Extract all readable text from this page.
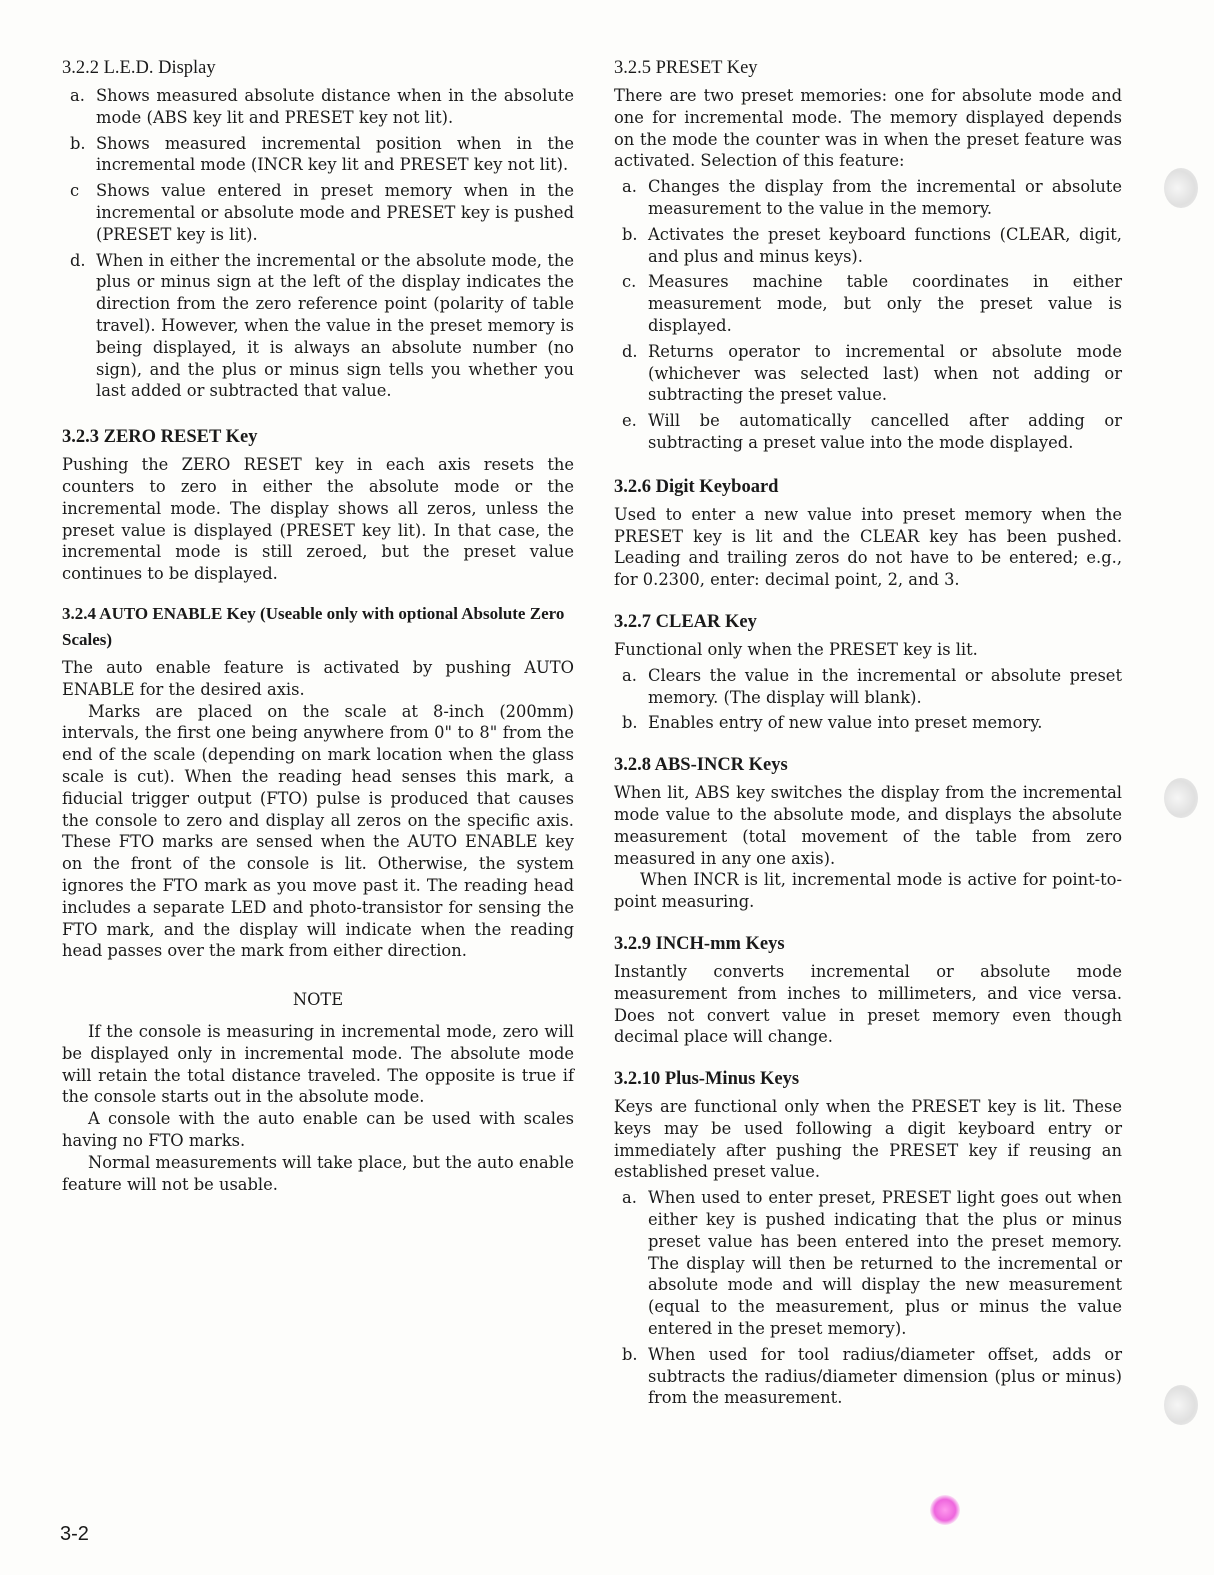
3.2.2 L.E.D. Display
a. Shows measured absolute distance when in the absolute mode (ABS key lit and PRESET key not lit).
b. Shows measured incremental position when in the incremental mode (INCR key lit and PRESET key not lit).
c Shows value entered in preset memory when in the incremental or absolute mode and PRESET key is pushed (PRESET key is lit).
d. When in either the incremental or the absolute mode, the plus or minus sign at the left of the display indicates the direction from the zero reference point (polarity of table travel). However, when the value in the preset memory is being displayed, it is always an absolute number (no sign), and the plus or minus sign tells you whether you last added or subtracted that value.
3.2.3 ZERO RESET Key

Pushing the ZERO RESET key in each axis resets the counters to zero in either the absolute mode or the incremental mode. The display shows all zeros, unless the preset value is displayed (PRESET key lit). In that case, the incremental mode is still zeroed, but the preset value continues to be displayed.

3.2.4 AUTO ENABLE Key (Useable only with optional Absolute Zero Scales)

The auto enable feature is activated by pushing AUTO ENABLE for the desired axis.

Marks are placed on the scale at 8-inch (200mm) intervals, the first one being anywhere from 0" to 8" from the end of the scale (depending on mark location when the glass scale is cut). When the reading head senses this mark, a fiducial trigger output (FTO) pulse is produced that causes the console to zero and display all zeros on the specific axis. These FTO marks are sensed when the AUTO ENABLE key on the front of the console is lit. Otherwise, the system ignores the FTO mark as you move past it. The reading head includes a separate LED and photo-transistor for sensing the FTO mark, and the display will indicate when the reading head passes over the mark from either direction.

NOTE

If the console is measuring in incremental mode, zero will be displayed only in incremental mode. The absolute mode will retain the total distance traveled. The opposite is true if the console starts out in the absolute mode.

A console with the auto enable can be used with scales having no FTO marks.

Normal measurements will take place, but the auto enable feature will not be usable.

3.2.5 PRESET Key

There are two preset memories: one for absolute mode and one for incremental mode. The memory displayed depends on the mode the counter was in when the preset feature was activated. Selection of this feature:

a. Changes the display from the incremental or absolute measurement to the value in the memory.
b. Activates the preset keyboard functions (CLEAR, digit, and plus and minus keys).
c. Measures machine table coordinates in either measurement mode, but only the preset value is displayed.
d. Returns operator to incremental or absolute mode (whichever was selected last) when not adding or subtracting the preset value.
e. Will be automatically cancelled after adding or subtracting a preset value into the mode displayed.
3.2.6 Digit Keyboard

Used to enter a new value into preset memory when the PRESET key is lit and the CLEAR key has been pushed. Leading and trailing zeros do not have to be entered; e.g., for 0.2300, enter: decimal point, 2, and 3.

3.2.7 CLEAR Key

Functional only when the PRESET key is lit.

a. Clears the value in the incremental or absolute preset memory. (The display will blank).
b. Enables entry of new value into preset memory.
3.2.8 ABS-INCR Keys

When lit, ABS key switches the display from the incremental mode value to the absolute mode, and displays the absolute measurement (total movement of the table from zero measured in any one axis).

When INCR is lit, incremental mode is active for point-to-point measuring.

3.2.9 INCH-mm Keys

Instantly converts incremental or absolute mode measurement from inches to millimeters, and vice versa. Does not convert value in preset memory even though decimal place will change.

3.2.10 Plus-Minus Keys

Keys are functional only when the PRESET key is lit. These keys may be used following a digit keyboard entry or immediately after pushing the PRESET key if reusing an established preset value.

a. When used to enter preset, PRESET light goes out when either key is pushed indicating that the plus or minus preset value has been entered into the preset memory. The display will then be returned to the incremental or absolute mode and will display the new measurement (equal to the measurement, plus or minus the value entered in the preset memory).
b. When used for tool radius/diameter offset, adds or subtracts the radius/diameter dimension (plus or minus) from the measurement.
3-2
